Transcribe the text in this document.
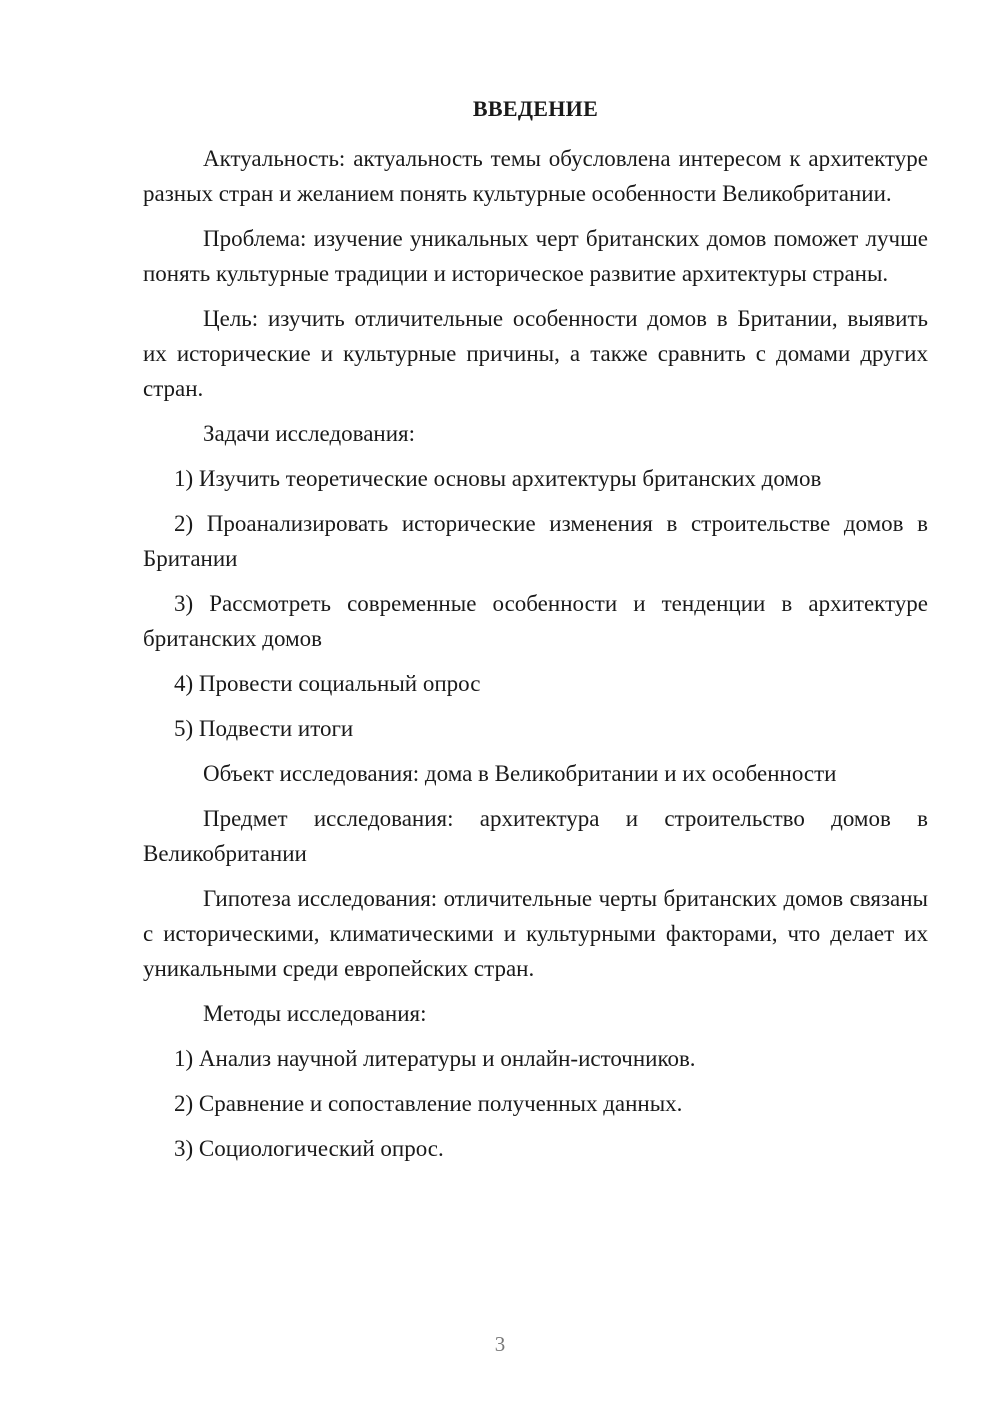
ВВЕДЕНИЕ

Актуальность: актуальность темы обусловлена интересом к архитектуре разных стран и желанием понять культурные особенности Великобритании.

Проблема: изучение уникальных черт британских домов поможет лучше понять культурные традиции и историческое развитие архитектуры страны.

Цель: изучить отличительные особенности домов в Британии, выявить их исторические и культурные причины, а также сравнить с домами других стран.

Задачи исследования:

1) Изучить теоретические основы архитектуры британских домов

2) Проанализировать исторические изменения в строительстве домов в Британии

3) Рассмотреть современные особенности и тенденции в архитектуре британских домов

4) Провести социальный опрос

5) Подвести итоги

Объект исследования: дома в Великобритании и их особенности

Предмет исследования: архитектура и строительство домов в Великобритании

Гипотеза исследования: отличительные черты британских домов связаны с историческими, климатическими и культурными факторами, что делает их уникальными среди европейских стран.

Методы исследования:

1) Анализ научной литературы и онлайн-источников.

2) Сравнение и сопоставление полученных данных.

3) Социологический опрос.

3
